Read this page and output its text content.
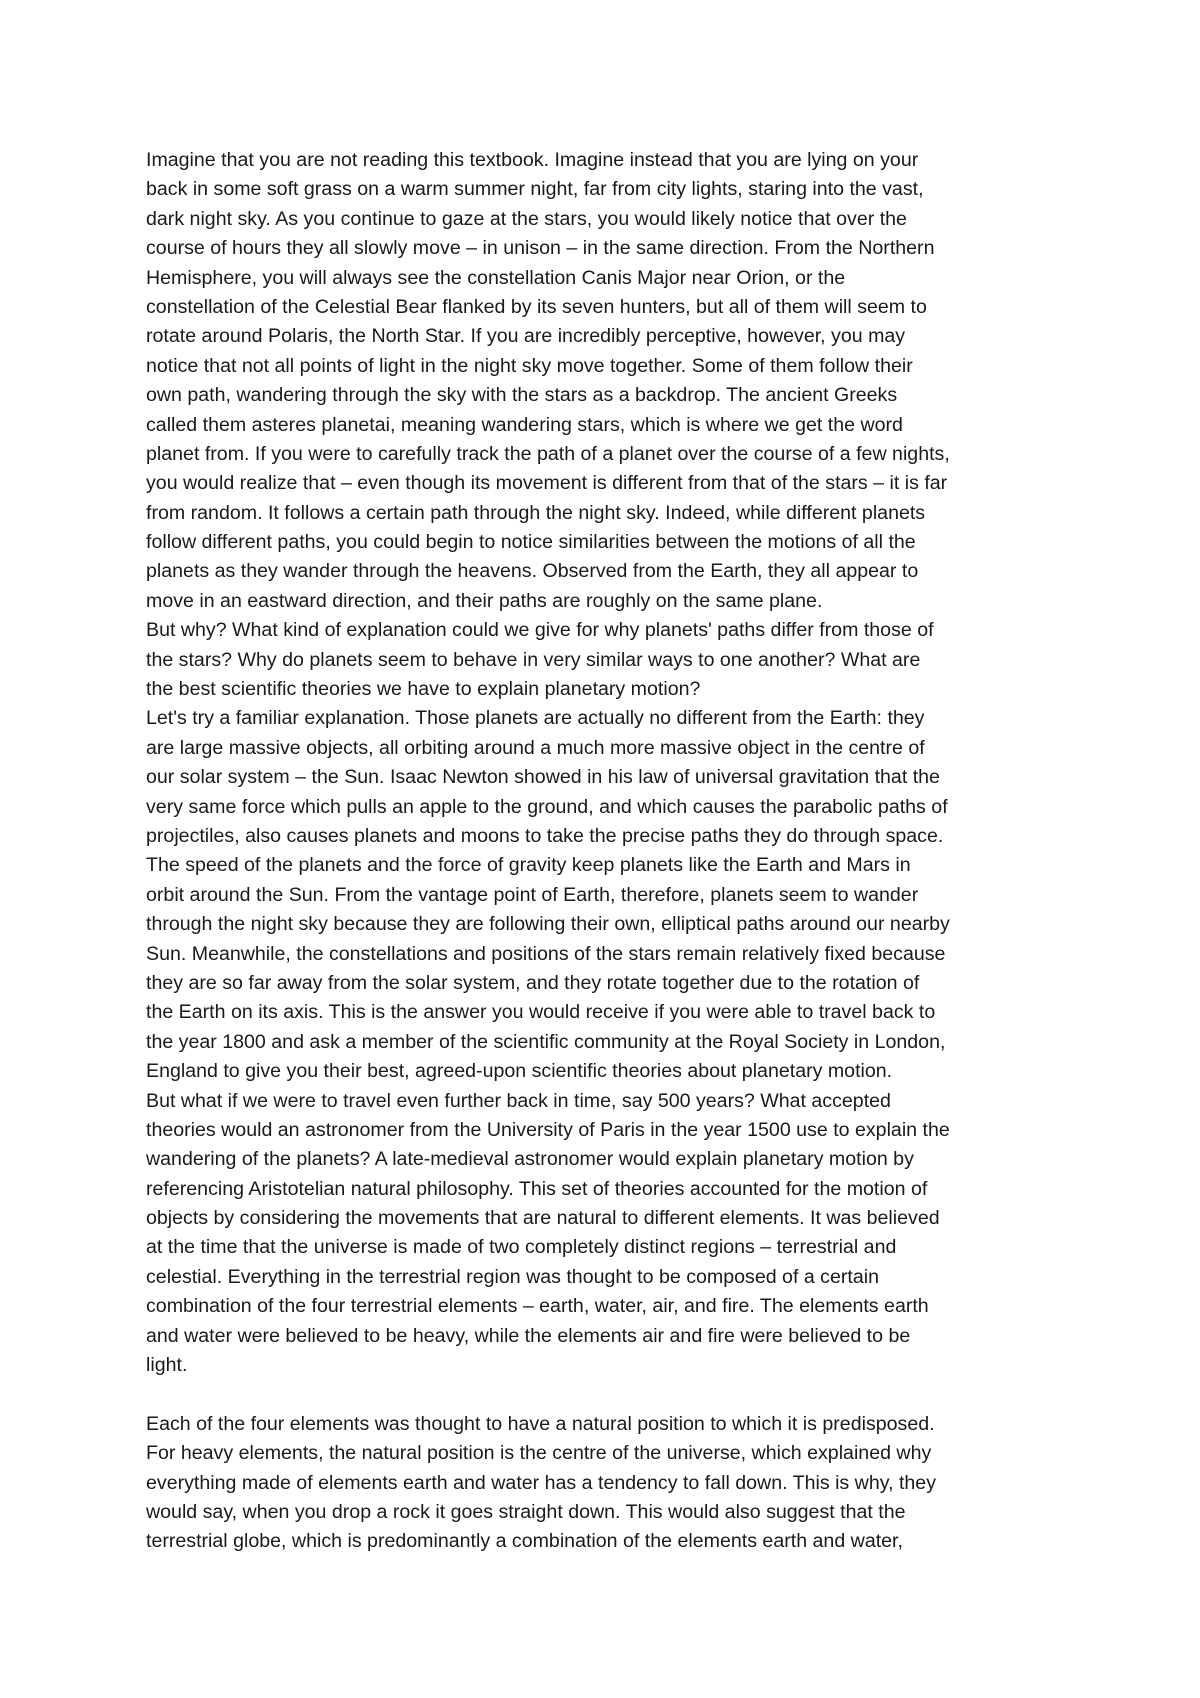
Imagine that you are not reading this textbook. Imagine instead that you are lying on your
back in some soft grass on a warm summer night, far from city lights, staring into the vast,
dark night sky. As you continue to gaze at the stars, you would likely notice that over the
course of hours they all slowly move – in unison – in the same direction. From the Northern
Hemisphere, you will always see the constellation Canis Major near Orion, or the
constellation of the Celestial Bear flanked by its seven hunters, but all of them will seem to
rotate around Polaris, the North Star. If you are incredibly perceptive, however, you may
notice that not all points of light in the night sky move together. Some of them follow their
own path, wandering through the sky with the stars as a backdrop. The ancient Greeks
called them asteres planetai, meaning wandering stars, which is where we get the word
planet from. If you were to carefully track the path of a planet over the course of a few nights,
you would realize that – even though its movement is different from that of the stars – it is far
from random. It follows a certain path through the night sky. Indeed, while different planets
follow different paths, you could begin to notice similarities between the motions of all the
planets as they wander through the heavens. Observed from the Earth, they all appear to
move in an eastward direction, and their paths are roughly on the same plane.
But why? What kind of explanation could we give for why planets' paths differ from those of
the stars? Why do planets seem to behave in very similar ways to one another? What are
the best scientific theories we have to explain planetary motion?
Let's try a familiar explanation. Those planets are actually no different from the Earth: they
are large massive objects, all orbiting around a much more massive object in the centre of
our solar system – the Sun. Isaac Newton showed in his law of universal gravitation that the
very same force which pulls an apple to the ground, and which causes the parabolic paths of
projectiles, also causes planets and moons to take the precise paths they do through space.
The speed of the planets and the force of gravity keep planets like the Earth and Mars in
orbit around the Sun. From the vantage point of Earth, therefore, planets seem to wander
through the night sky because they are following their own, elliptical paths around our nearby
Sun. Meanwhile, the constellations and positions of the stars remain relatively fixed because
they are so far away from the solar system, and they rotate together due to the rotation of
the Earth on its axis. This is the answer you would receive if you were able to travel back to
the year 1800 and ask a member of the scientific community at the Royal Society in London,
England to give you their best, agreed-upon scientific theories about planetary motion.
But what if we were to travel even further back in time, say 500 years? What accepted
theories would an astronomer from the University of Paris in the year 1500 use to explain the
wandering of the planets? A late-medieval astronomer would explain planetary motion by
referencing Aristotelian natural philosophy. This set of theories accounted for the motion of
objects by considering the movements that are natural to different elements. It was believed
at the time that the universe is made of two completely distinct regions – terrestrial and
celestial. Everything in the terrestrial region was thought to be composed of a certain
combination of the four terrestrial elements – earth, water, air, and fire. The elements earth
and water were believed to be heavy, while the elements air and fire were believed to be
light.
Each of the four elements was thought to have a natural position to which it is predisposed.
For heavy elements, the natural position is the centre of the universe, which explained why
everything made of elements earth and water has a tendency to fall down. This is why, they
would say, when you drop a rock it goes straight down. This would also suggest that the
terrestrial globe, which is predominantly a combination of the elements earth and water,
